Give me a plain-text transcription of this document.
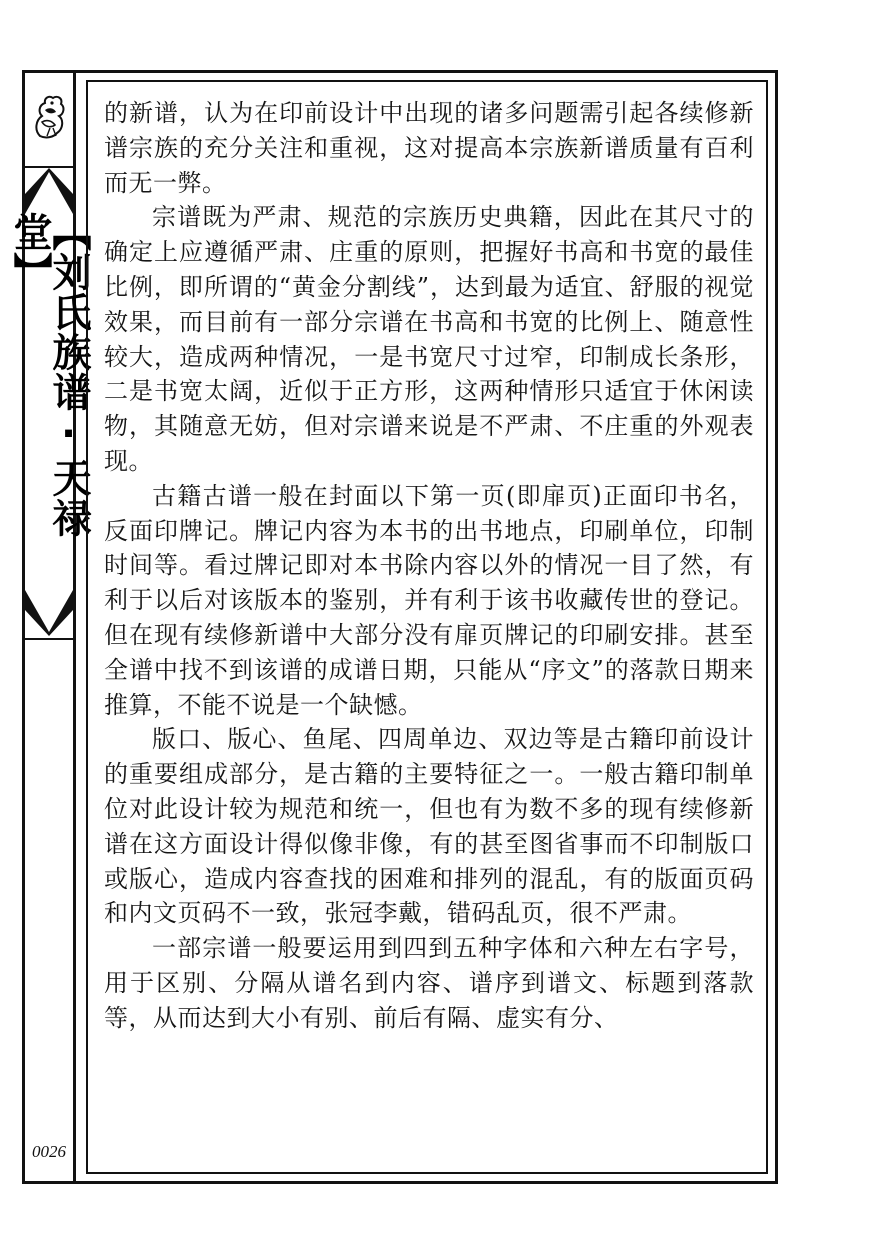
【刘氏族谱·天禄堂】
0026

的新谱，认为在印前设计中出现的诸多问题需引起各续修新谱宗族的充分关注和重视，这对提高本宗族新谱质量有百利而无一弊。

宗谱既为严肃、规范的宗族历史典籍，因此在其尺寸的确定上应遵循严肃、庄重的原则，把握好书高和书宽的最佳比例，即所谓的“黄金分割线”，达到最为适宜、舒服的视觉效果，而目前有一部分宗谱在书高和书宽的比例上、随意性较大，造成两种情况，一是书宽尺寸过窄，印制成长条形，二是书宽太阔，近似于正方形，这两种情形只适宜于休闲读物，其随意无妨，但对宗谱来说是不严肃、不庄重的外观表现。

古籍古谱一般在封面以下第一页(即扉页)正面印书名，反面印牌记。牌记内容为本书的出书地点，印刷单位，印制时间等。看过牌记即对本书除内容以外的情况一目了然，有利于以后对该版本的鉴别，并有利于该书收藏传世的登记。但在现有续修新谱中大部分没有扉页牌记的印刷安排。甚至全谱中找不到该谱的成谱日期，只能从“序文”的落款日期来推算，不能不说是一个缺憾。

版口、版心、鱼尾、四周单边、双边等是古籍印前设计的重要组成部分，是古籍的主要特征之一。一般古籍印制单位对此设计较为规范和统一，但也有为数不多的现有续修新谱在这方面设计得似像非像，有的甚至图省事而不印制版口或版心，造成内容查找的困难和排列的混乱，有的版面页码和内文页码不一致，张冠李戴，错码乱页，很不严肃。

一部宗谱一般要运用到四到五种字体和六种左右字号，用于区别、分隔从谱名到内容、谱序到谱文、标题到落款等，从而达到大小有别、前后有隔、虚实有分、
